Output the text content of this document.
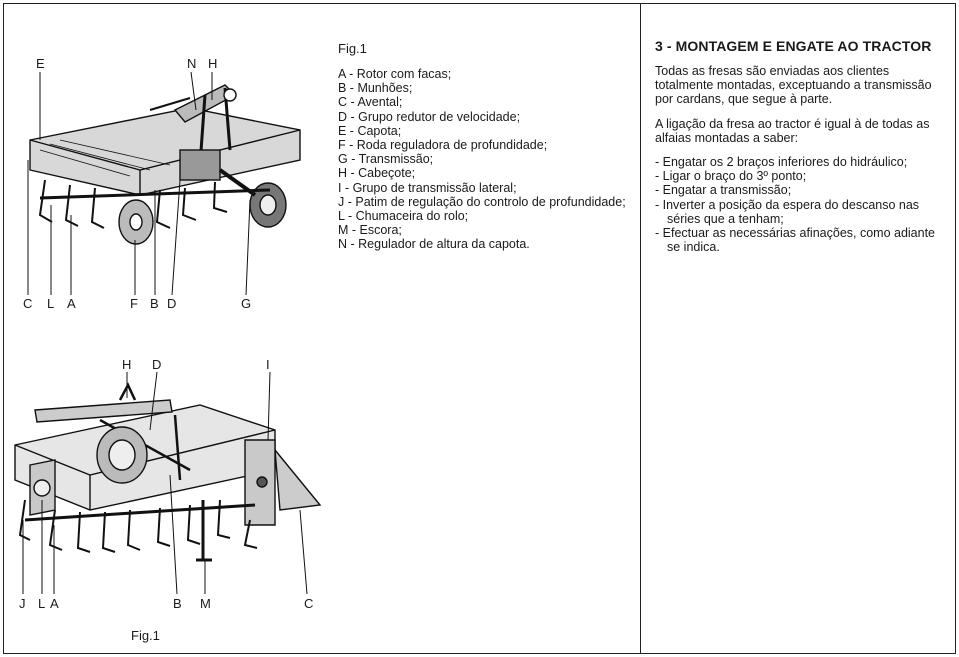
E	N H
C L A	F B D	G
Fig.1
A - Rotor com facas;
B - Munhões;
C - Avental;
D - Grupo redutor de velocidade;
E - Capota;
F - Roda reguladora de profundidade;
G - Transmissão;
H - Cabeçote;
I - Grupo de transmissão lateral;
J - Patim de regulação do controlo de profundidade;
L - Chumaceira do rolo;
M - Escora;
N - Regulador de altura da capota.
3 - MONTAGEM E ENGATE AO TRACTOR

Todas as fresas são enviadas aos clientes totalmente montadas, exceptuando a transmissão por cardans, que segue à parte.

A ligação da fresa ao tractor é igual à de todas as alfaias montadas a saber:

- Engatar os 2 braços inferiores do hidráulico;
- Ligar o braço do 3º ponto;
- Engatar a transmissão;
- Inverter a posição da espera do descanso nas séries que a tenham;
- Efectuar as necessárias afinações, como adiante se indica.
H D	I
J L A	B M	C
Fig.1
